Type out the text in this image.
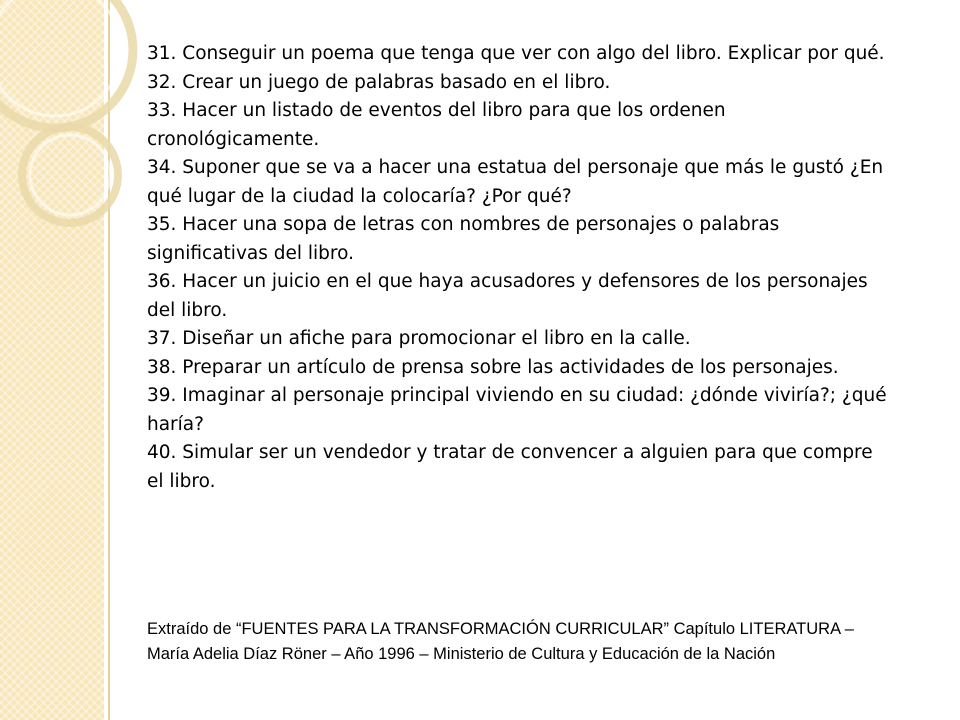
31. Conseguir un poema que tenga que ver con algo del libro. Explicar por qué.

32. Crear un juego de palabras basado en el libro.

33. Hacer un listado de eventos del libro para que los ordenen cronológicamente.

34. Suponer que se va a hacer una estatua del personaje que más le gustó ¿En qué lugar de la ciudad la colocaría? ¿Por qué?

35. Hacer una sopa de letras con nombres de personajes o palabras significativas del libro.

36. Hacer un juicio en el que haya acusadores y defensores de los personajes del libro.

37. Diseñar un afiche para promocionar el libro en la calle.

38. Preparar un artículo de prensa sobre las actividades de los personajes.

39. Imaginar al personaje principal viviendo en su ciudad: ¿dónde viviría?; ¿qué haría?

40. Simular ser un vendedor y tratar de convencer a alguien para que compre el libro.

Extraído de “FUENTES PARA LA TRANSFORMACIÓN CURRICULAR” Capítulo LITERATURA – María Adelia Díaz Röner – Año 1996 – Ministerio de Cultura y Educación de la Nación
